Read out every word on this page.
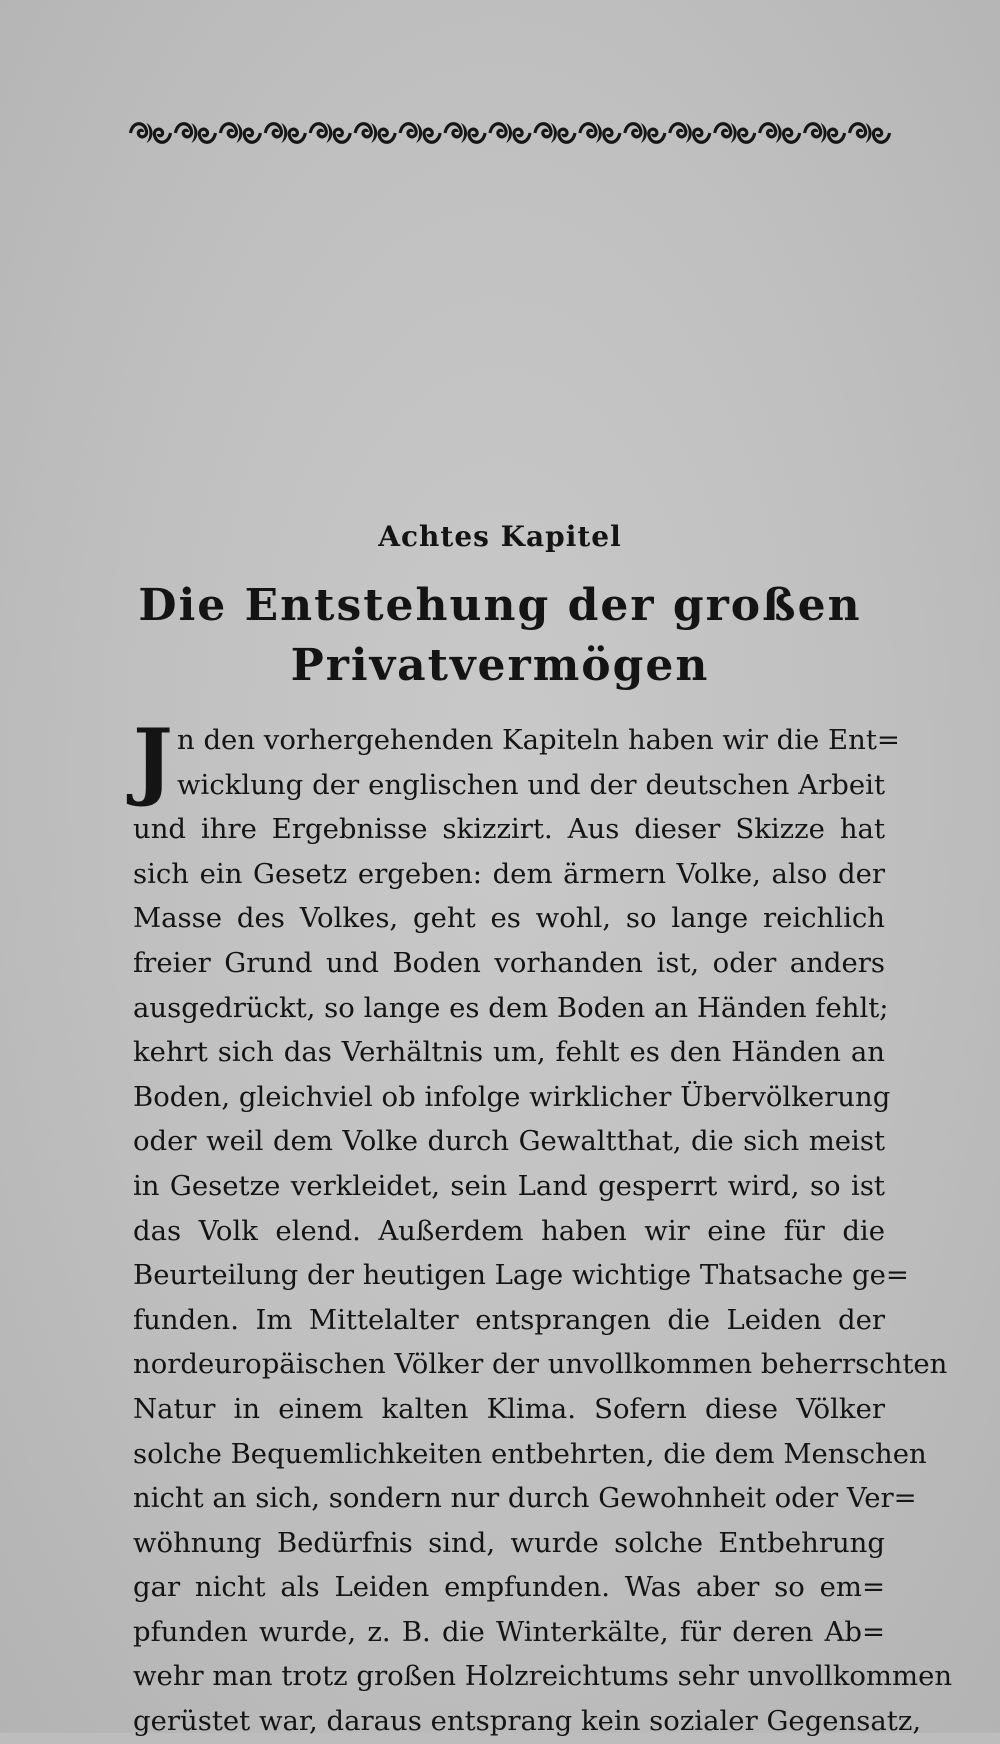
Achtes Kapitel
Die Entstehung der großen
Privatvermögen
J n den vorhergehenden Kapiteln haben wir die Ent=
wicklung der englischen und der deutschen Arbeit
und ihre Ergebnisse skizzirt. Aus dieser Skizze hat
sich ein Gesetz ergeben: dem ärmern Volke, also der
Masse des Volkes, geht es wohl, so lange reichlich
freier Grund und Boden vorhanden ist, oder anders
ausgedrückt, so lange es dem Boden an Händen fehlt;
kehrt sich das Verhältnis um, fehlt es den Händen an
Boden, gleichviel ob infolge wirklicher Übervölkerung
oder weil dem Volke durch Gewaltthat, die sich meist
in Gesetze verkleidet, sein Land gesperrt wird, so ist
das Volk elend. Außerdem haben wir eine für die
Beurteilung der heutigen Lage wichtige Thatsache ge=
funden. Im Mittelalter entsprangen die Leiden der
nordeuropäischen Völker der unvollkommen beherrschten
Natur in einem kalten Klima. Sofern diese Völker
solche Bequemlichkeiten entbehrten, die dem Menschen
nicht an sich, sondern nur durch Gewohnheit oder Ver=
wöhnung Bedürfnis sind, wurde solche Entbehrung
gar nicht als Leiden empfunden. Was aber so em=
pfunden wurde, z. B. die Winterkälte, für deren Ab=
wehr man trotz großen Holzreichtums sehr unvollkommen
gerüstet war, daraus entsprang kein sozialer Gegensatz,
